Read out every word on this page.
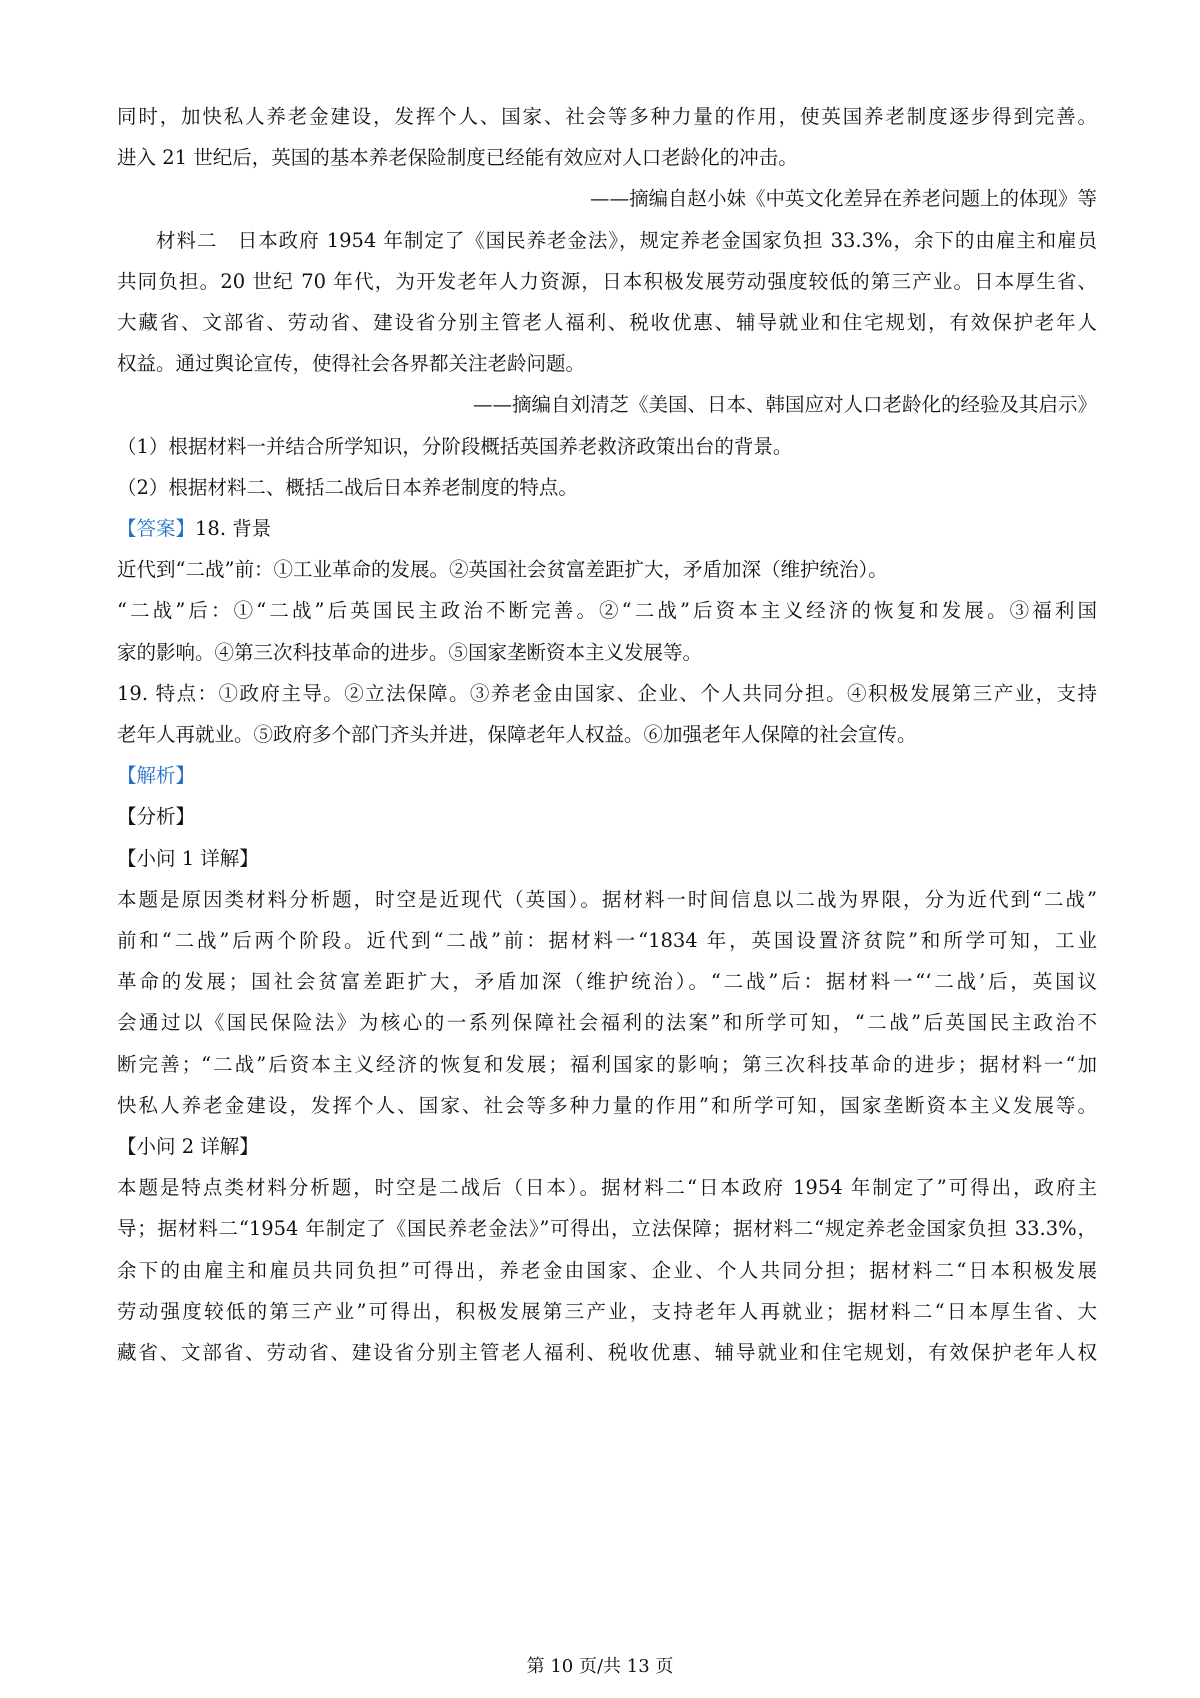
同时，加快私人养老金建设，发挥个人、国家、社会等多种力量的作用，使英国养老制度逐步得到完善。
进入 21 世纪后，英国的基本养老保险制度已经能有效应对人口老龄化的冲击。
——摘编自赵小妹《中英文化差异在养老问题上的体现》等
材料二　日本政府 1954 年制定了《国民养老金法》，规定养老金国家负担 33.3%，余下的由雇主和雇员
共同负担。20 世纪 70 年代，为开发老年人力资源，日本积极发展劳动强度较低的第三产业。日本厚生省、
大藏省、文部省、劳动省、建设省分别主管老人福利、税收优惠、辅导就业和住宅规划，有效保护老年人
权益。通过舆论宣传，使得社会各界都关注老龄问题。
——摘编自刘清芝《美国、日本、韩国应对人口老龄化的经验及其启示》
（1）根据材料一并结合所学知识，分阶段概括英国养老救济政策出台的背景。
（2）根据材料二、概括二战后日本养老制度的特点。
【答案】18. 背景
近代到“二战”前：①工业革命的发展。②英国社会贫富差距扩大，矛盾加深（维护统治）。
“二战”后：①“二战”后英国民主政治不断完善。②“二战”后资本主义经济的恢复和发展。③福利国
家的影响。④第三次科技革命的进步。⑤国家垄断资本主义发展等。
19. 特点：①政府主导。②立法保障。③养老金由国家、企业、个人共同分担。④积极发展第三产业，支持
老年人再就业。⑤政府多个部门齐头并进，保障老年人权益。⑥加强老年人保障的社会宣传。
【解析】
【分析】
【小问 1 详解】
本题是原因类材料分析题，时空是近现代（英国）。据材料一时间信息以二战为界限，分为近代到“二战”
前和“二战”后两个阶段。近代到“二战”前：据材料一“1834 年，英国设置济贫院”和所学可知，工业
革命的发展；国社会贫富差距扩大，矛盾加深（维护统治）。“二战”后：据材料一“‘二战’后，英国议
会通过以《国民保险法》为核心的一系列保障社会福利的法案”和所学可知，“二战”后英国民主政治不
断完善；“二战”后资本主义经济的恢复和发展；福利国家的影响；第三次科技革命的进步；据材料一“加
快私人养老金建设，发挥个人、国家、社会等多种力量的作用”和所学可知，国家垄断资本主义发展等。
【小问 2 详解】
本题是特点类材料分析题，时空是二战后（日本）。据材料二“日本政府 1954 年制定了”可得出，政府主
导；据材料二“1954 年制定了《国民养老金法》”可得出，立法保障；据材料二“规定养老金国家负担 33.3%，
余下的由雇主和雇员共同负担”可得出，养老金由国家、企业、个人共同分担；据材料二“日本积极发展
劳动强度较低的第三产业”可得出，积极发展第三产业，支持老年人再就业；据材料二“日本厚生省、大
藏省、文部省、劳动省、建设省分别主管老人福利、税收优惠、辅导就业和住宅规划，有效保护老年人权
第 10 页/共 13 页
